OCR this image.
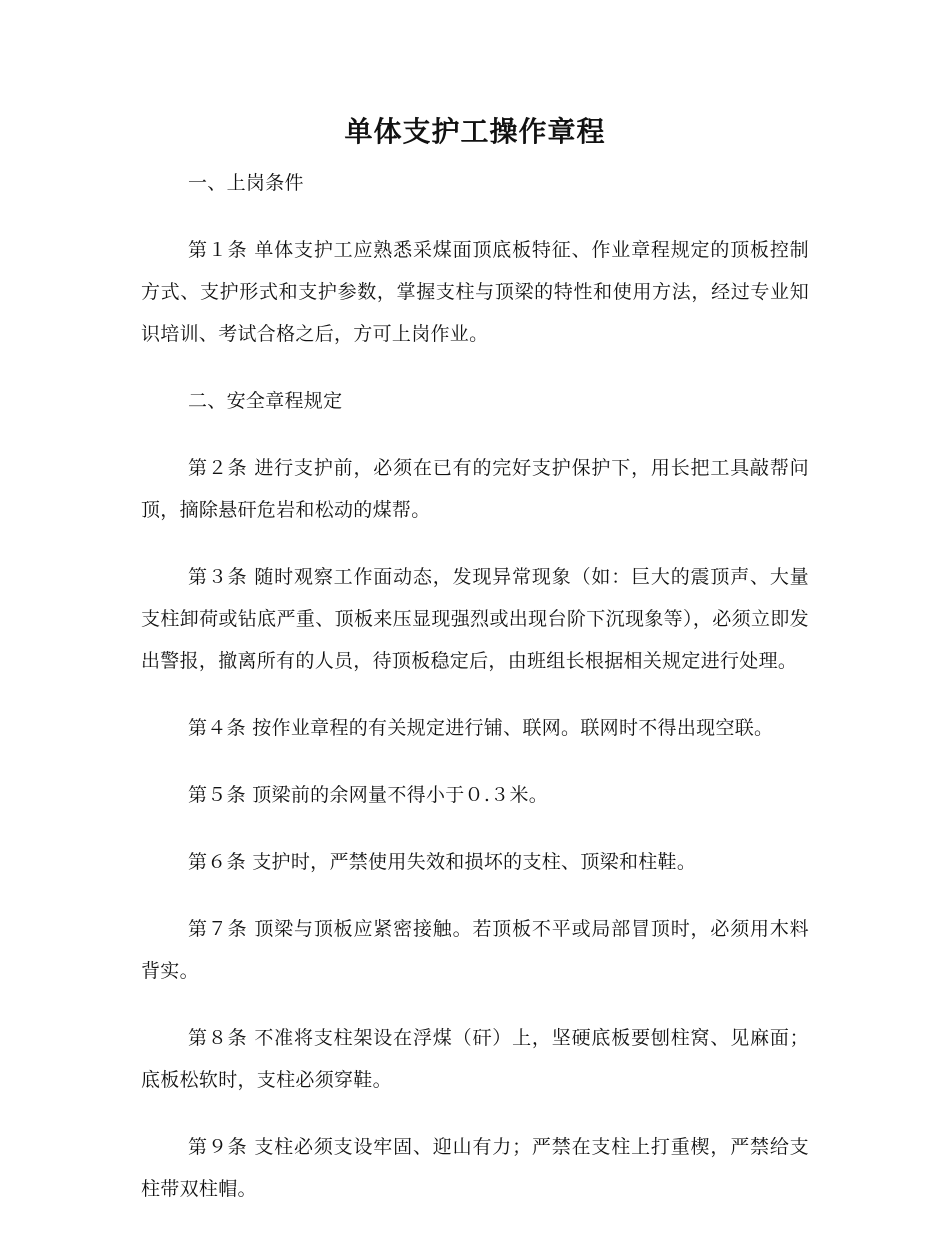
单体支护工操作章程

一、上岗条件

第１条 单体支护工应熟悉采煤面顶底板特征、作业章程规定的顶板控制方式、支护形式和支护参数，掌握支柱与顶梁的特性和使用方法，经过专业知识培训、考试合格之后，方可上岗作业。

二、安全章程规定

第２条 进行支护前，必须在已有的完好支护保护下，用长把工具敲帮问顶，摘除悬矸危岩和松动的煤帮。

第３条 随时观察工作面动态，发现异常现象（如：巨大的震顶声、大量支柱卸荷或钻底严重、顶板来压显现强烈或出现台阶下沉现象等），必须立即发出警报，撤离所有的人员，待顶板稳定后，由班组长根据相关规定进行处理。

第４条 按作业章程的有关规定进行铺、联网。联网时不得出现空联。

第５条 顶梁前的余网量不得小于０.３米。

第６条 支护时，严禁使用失效和损坏的支柱、顶梁和柱鞋。

第７条 顶梁与顶板应紧密接触。若顶板不平或局部冒顶时，必须用木料背实。

第８条 不准将支柱架设在浮煤（矸）上，坚硬底板要刨柱窝、见麻面；底板松软时，支柱必须穿鞋。

第９条 支柱必须支设牢固、迎山有力；严禁在支柱上打重楔，严禁给支柱带双柱帽。
